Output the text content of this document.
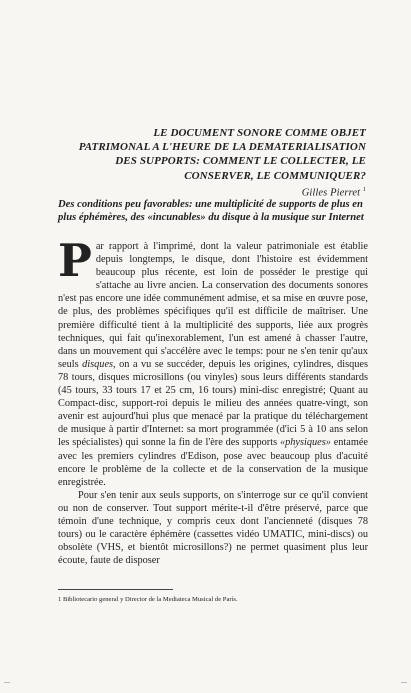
LE DOCUMENT SONORE COMME OBJET
PATRIMONAL A L'HEURE DE LA DEMATERIALISATION
DES SUPPORTS: COMMENT LE COLLECTER, LE
CONSERVER, LE COMMUNIQUER?
Gilles Pierret $^1$
Des conditions peu favorables: une multiplicité de supports de plus en plus éphémères, des «incunables» du disque à la musique sur Internet

Par rapport à l'imprimé, dont la valeur patrimoniale est établie depuis longtemps, le disque, dont l'histoire est évidemment beaucoup plus récente, est loin de posséder le prestige qui s'attache au livre ancien. La conservation des documents sonores n'est pas encore une idée communément admise, et sa mise en œuvre pose, de plus, des problèmes spécifiques qu'il est difficile de maîtriser. Une première difficulté tient à la multiplicité des supports, liée aux progrès techniques, qui fait qu'inexorablement, l'un est amené à chasser l'autre, dans un mouvement qui s'accélère avec le temps: pour ne s'en tenir qu'aux seuls disques, on a vu se succéder, depuis les origines, cylindres, disques 78 tours, disques microsillons (ou vinyles) sous leurs différents standards (45 tours, 33 tours 17 et 25 cm, 16 tours) mini-disc enregistré; Quant au Compact-disc, support-roi depuis le milieu des années quatre-vingt, son avenir est aujourd'hui plus que menacé par la pratique du téléchargement de musique à partir d'Internet: sa mort programmée (d'ici 5 à 10 ans selon les spécialistes) qui sonne la fin de l'ère des supports «physiques» entamée avec les premiers cylindres d'Edison, pose avec beaucoup plus d'acuité encore le problème de la collecte et de la conservation de la musique enregistrée.

Pour s'en tenir aux seuls supports, on s'interroge sur ce qu'il convient ou non de conserver. Tout support mérite-t-il d'être préservé, parce que témoin d'une technique, y compris ceux dont l'ancienneté (disques 78 tours) ou le caractère éphémère (cassettes vidéo UMATIC, mini-discs) ou obsolète (VHS, et bientôt microsillons?) ne permet quasiment plus leur écoute, faute de disposer

1 Bibliotecario general y Director de la Mediateca Musical de París.
